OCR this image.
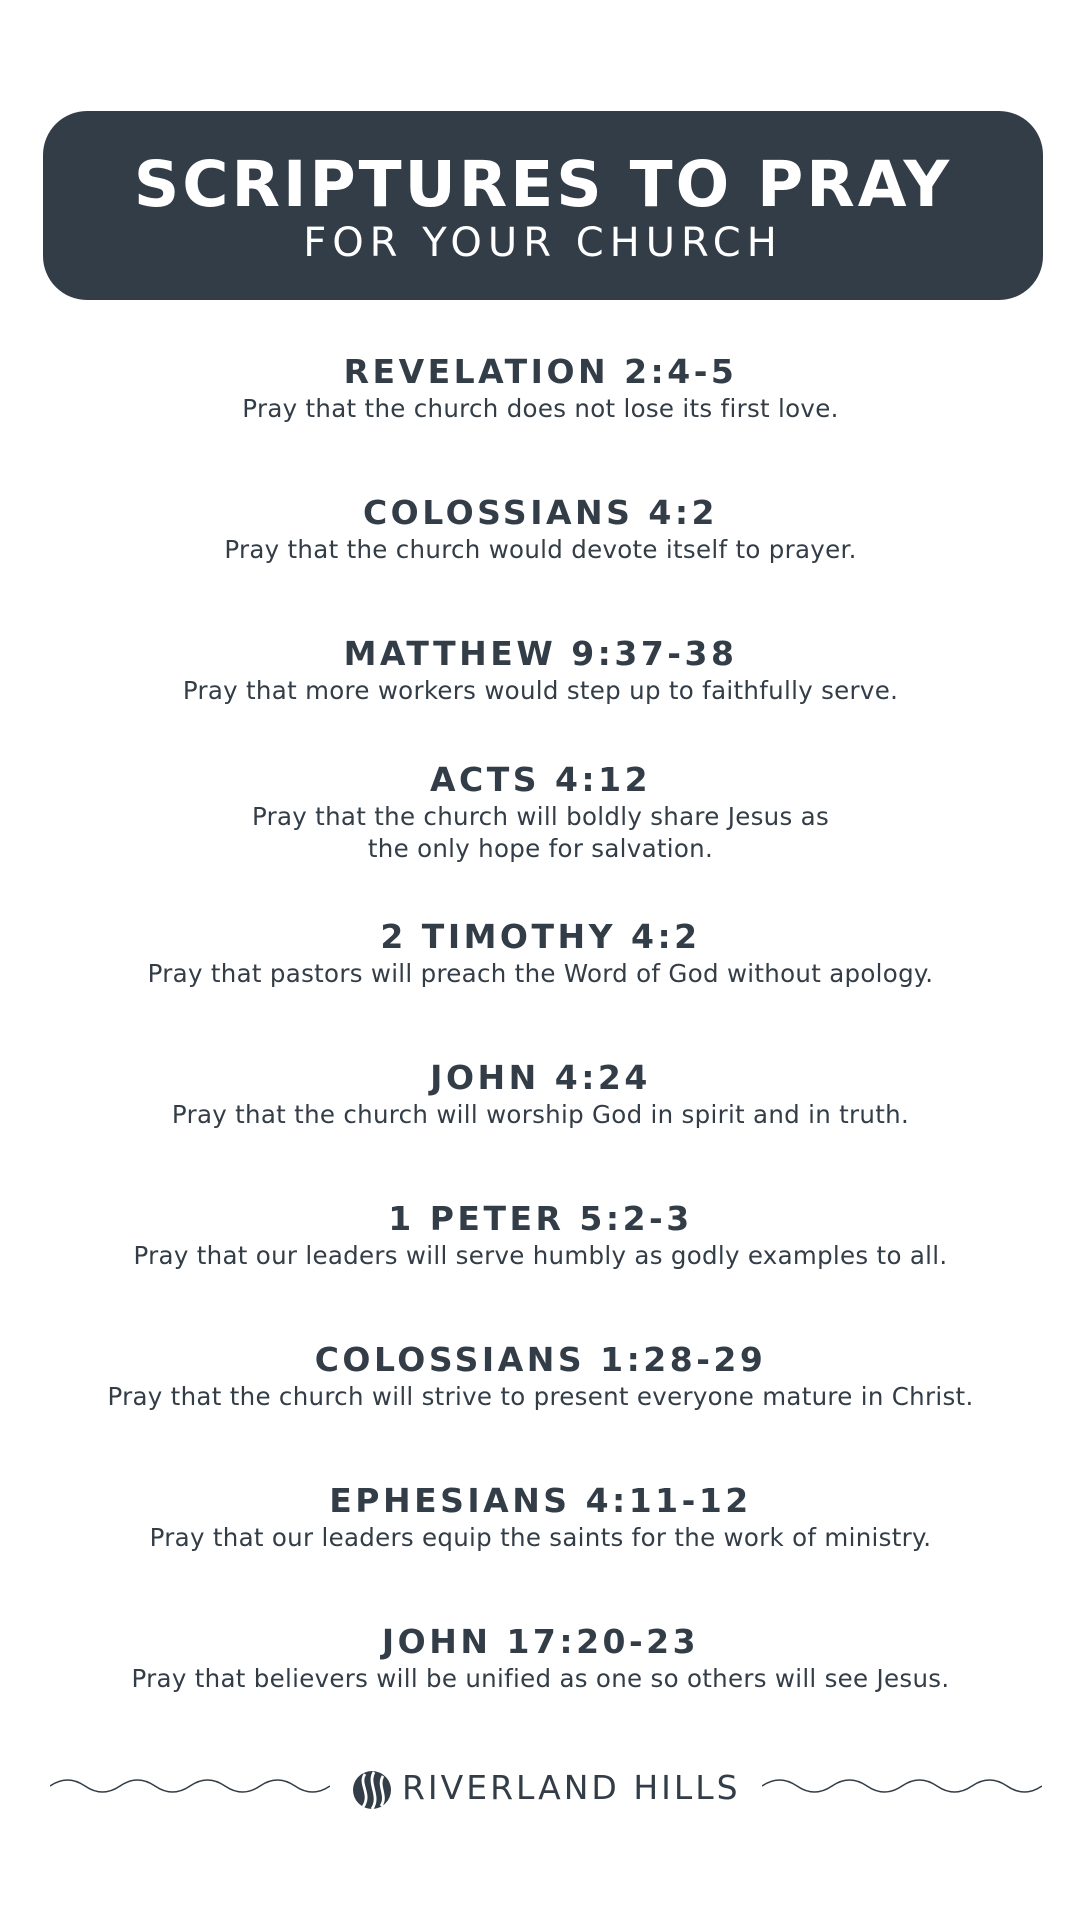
SCRIPTURES TO PRAY
FOR YOUR CHURCH
REVELATION 2:4-5
Pray that the church does not lose its first love.
COLOSSIANS 4:2
Pray that the church would devote itself to prayer.
MATTHEW 9:37-38
Pray that more workers would step up to faithfully serve.
ACTS 4:12
Pray that the church will boldly share Jesus as
the only hope for salvation.
2 TIMOTHY 4:2
Pray that pastors will preach the Word of God without apology.
JOHN 4:24
Pray that the church will worship God in spirit and in truth.
1 PETER 5:2-3
Pray that our leaders will serve humbly as godly examples to all.
COLOSSIANS 1:28-29
Pray that the church will strive to present everyone mature in Christ.
EPHESIANS 4:11-12
Pray that our leaders equip the saints for the work of ministry.
JOHN 17:20-23
Pray that believers will be unified as one so others will see Jesus.
RIVERLAND HILLS
